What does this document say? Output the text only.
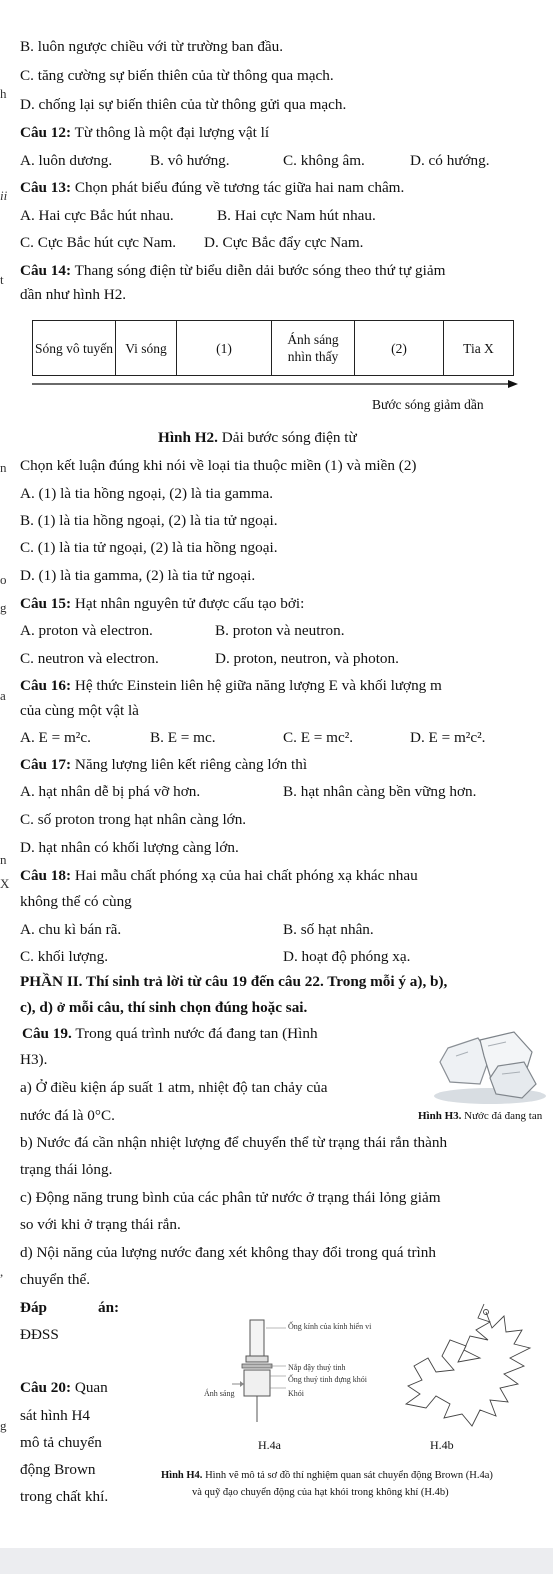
h
ii
t
n
o
g
a
n
X
,
g
B. luôn ngược chiều với từ trường ban đầu.
C. tăng cường sự biến thiên của từ thông qua mạch.
D. chống lại sự biến thiên của từ thông gửi qua mạch.
Câu 12: Từ thông là một đại lượng vật lí
A. luôn dương. B. vô hướng.	C. không âm.	D. có hướng.
Câu 13: Chọn phát biểu đúng về tương tác giữa hai nam châm.
A. Hai cực Bắc hút nhau.	B. Hai cực Nam hút nhau.
C. Cực Bắc hút cực Nam. D. Cực Bắc đẩy cực Nam.
Câu 14: Thang sóng điện từ biểu diễn dải bước sóng theo thứ tự giảm
dần như hình H2.
Sóng vô tuyến	Vi sóng	(1)	Ánh sáng nhìn thấy	(2)	Tia X
Bước sóng giảm dần
Hình H2. Dải bước sóng điện từ
Chọn kết luận đúng khi nói về loại tia thuộc miền (1) và miền (2)
A. (1) là tia hồng ngoại, (2) là tia gamma.
B. (1) là tia hồng ngoại, (2) là tia tử ngoại.
C. (1) là tia tử ngoại, (2) là tia hồng ngoại.
D. (1) là tia gamma, (2) là tia tử ngoại.
Câu 15: Hạt nhân nguyên tử được cấu tạo bởi:
A. proton và electron.	B. proton và neutron.
C. neutron và electron.	D. proton, neutron, và photon.
Câu 16: Hệ thức Einstein liên hệ giữa năng lượng E và khối lượng m
của cùng một vật là
A. E = m²c.	B. E = mc.	C. E = mc².	D. E = m²c².
Câu 17: Năng lượng liên kết riêng càng lớn thì
A. hạt nhân dễ bị phá vỡ hơn.	B. hạt nhân càng bền vững hơn.
C. số proton trong hạt nhân càng lớn.
D. hạt nhân có khối lượng càng lớn.
Câu 18: Hai mẫu chất phóng xạ của hai chất phóng xạ khác nhau
không thể có cùng
A. chu kì bán rã.	B. số hạt nhân.
C. khối lượng.	D. hoạt độ phóng xạ.
PHẦN II. Thí sinh trả lời từ câu 19 đến câu 22. Trong mỗi ý a), b),
c), d) ở mỗi câu, thí sinh chọn đúng hoặc sai.
Câu 19. Trong quá trình nước đá đang tan (Hình
H3).
a) Ở điều kiện áp suất 1 atm, nhiệt độ tan chảy của
nước đá là 0°C.	Hình H3. Nước đá đang tan
b) Nước đá cần nhận nhiệt lượng để chuyển thể từ trạng thái rắn thành
trạng thái lỏng.
c) Động năng trung bình của các phân tử nước ở trạng thái lỏng giảm
so với khi ở trạng thái rắn.
d) Nội năng của lượng nước đang xét không thay đổi trong quá trình
chuyển thể.
Đáp	án:
ĐĐSS
Câu 20: Quan
sát hình H4
mô tả chuyển
động Brown
trong chất khí.
Ống kính của kính hiển vi
Nắp đậy thuỷ tinh
Ống thuỷ tinh đựng khói
Ánh sáng	Khói
H.4a	H.4b
Hình H4. Hình vẽ mô tả sơ đồ thí nghiệm quan sát chuyển động Brown (H.4a)
và quỹ đạo chuyển động của hạt khói trong không khí (H.4b)
